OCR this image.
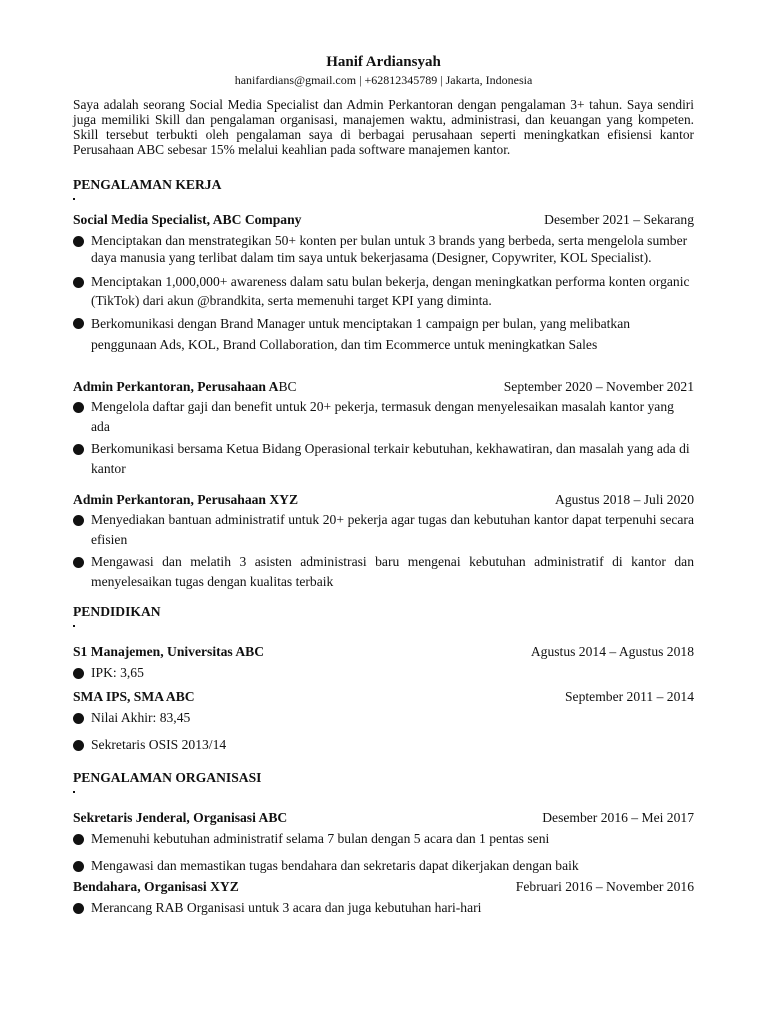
Hanif Ardiansyah
hanifardians@gmail.com | +62812345789 | Jakarta, Indonesia
Saya adalah seorang Social Media Specialist dan Admin Perkantoran dengan pengalaman 3+ tahun. Saya sendiri juga memiliki Skill dan pengalaman organisasi, manajemen waktu, administrasi, dan keuangan yang kompeten. Skill tersebut terbukti oleh pengalaman saya di berbagai perusahaan seperti meningkatkan efisiensi kantor Perusahaan ABC sebesar 15% melalui keahlian pada software manajemen kantor.
PENGALAMAN KERJA
Social Media Specialist, ABC Company	Desember 2021 – Sekarang
Menciptakan dan menstrategikan 50+ konten per bulan untuk 3 brands yang berbeda, serta mengelola sumber daya manusia yang terlibat dalam tim saya untuk bekerjasama (Designer, Copywriter, KOL Specialist).
Menciptakan 1,000,000+ awareness dalam satu bulan bekerja, dengan meningkatkan performa konten organic (TikTok) dari akun @brandkita, serta memenuhi target KPI yang diminta.
Berkomunikasi dengan Brand Manager untuk menciptakan 1 campaign per bulan, yang melibatkan penggunaan Ads, KOL, Brand Collaboration, dan tim Ecommerce untuk meningkatkan Sales
Admin Perkantoran, Perusahaan ABC	September 2020 – November 2021
Mengelola daftar gaji dan benefit untuk 20+ pekerja, termasuk dengan menyelesaikan masalah kantor yang ada
Berkomunikasi bersama Ketua Bidang Operasional terkair kebutuhan, kekhawatiran, dan masalah yang ada di kantor
Admin Perkantoran, Perusahaan XYZ	Agustus 2018 – Juli 2020
Menyediakan bantuan administratif untuk 20+ pekerja agar tugas dan kebutuhan kantor dapat terpenuhi secara efisien
Mengawasi dan melatih 3 asisten administrasi baru mengenai kebutuhan administratif di kantor dan menyelesaikan tugas dengan kualitas terbaik
PENDIDIKAN
S1 Manajemen, Universitas ABC	Agustus 2014 – Agustus 2018
IPK: 3,65
SMA IPS, SMA ABC	September 2011 – 2014
Nilai Akhir: 83,45
Sekretaris OSIS 2013/14
PENGALAMAN ORGANISASI
Sekretaris Jenderal, Organisasi ABC	Desember 2016 – Mei 2017
Memenuhi kebutuhan administratif selama 7 bulan dengan 5 acara dan 1 pentas seni
Mengawasi dan memastikan tugas bendahara dan sekretaris dapat dikerjakan dengan baik
Bendahara, Organisasi XYZ	Februari 2016 – November 2016
Merancang RAB Organisasi untuk 3 acara dan juga kebutuhan hari-hari
